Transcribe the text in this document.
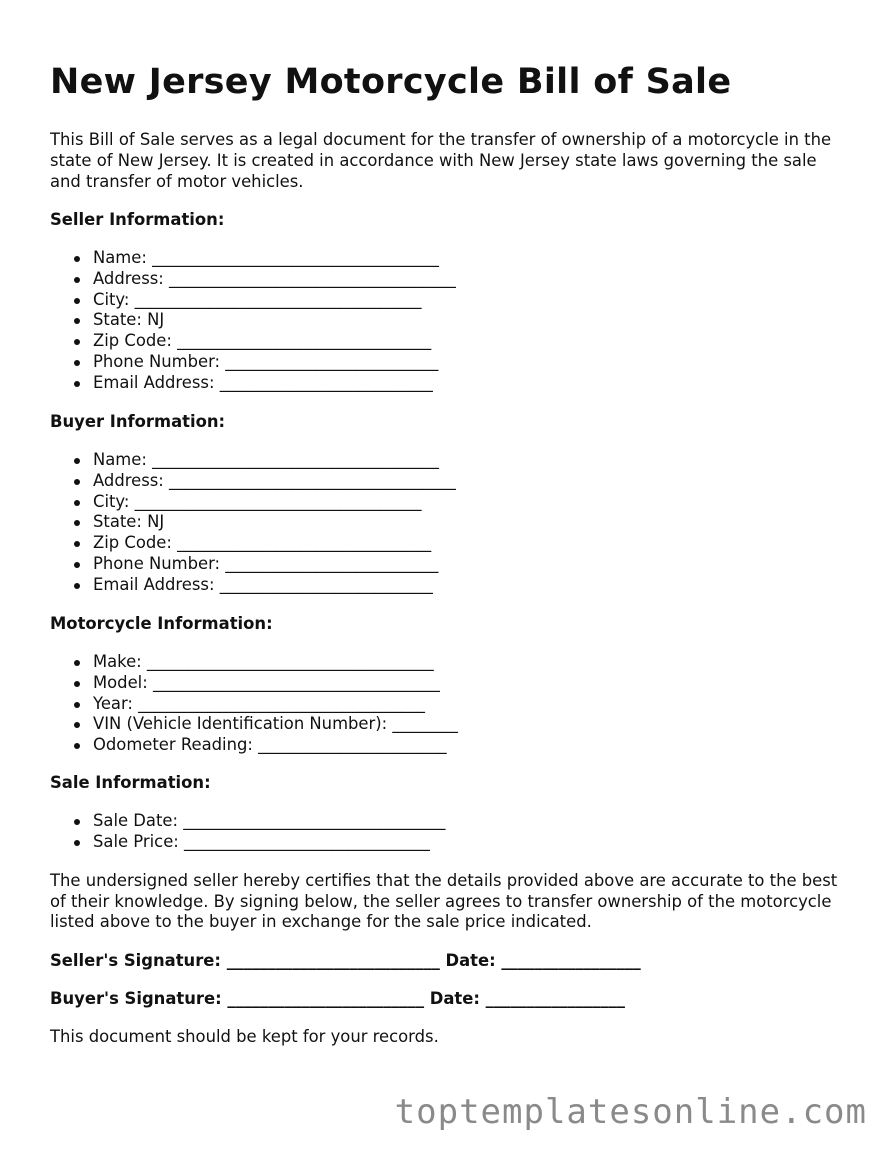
New Jersey Motorcycle Bill of Sale

This Bill of Sale serves as a legal document for the transfer of ownership of a motorcycle in the state of New Jersey. It is created in accordance with New Jersey state laws governing the sale and transfer of motor vehicles.

Seller Information:

Name: ___________________________________
Address: ___________________________________
City: ___________________________________
State: NJ
Zip Code: _______________________________
Phone Number: __________________________
Email Address: __________________________

Buyer Information:

Name: ___________________________________
Address: ___________________________________
City: ___________________________________
State: NJ
Zip Code: _______________________________
Phone Number: __________________________
Email Address: __________________________

Motorcycle Information:

Make: ___________________________________
Model: ___________________________________
Year: ___________________________________
VIN (Vehicle Identification Number): ________
Odometer Reading: _______________________

Sale Information:

Sale Date: ________________________________
Sale Price: ______________________________

The undersigned seller hereby certifies that the details provided above are accurate to the best of their knowledge. By signing below, the seller agrees to transfer ownership of the motorcycle listed above to the buyer in exchange for the sale price indicated.

Seller's Signature: __________________________ Date: _________________

Buyer's Signature: ________________________ Date: _________________

This document should be kept for your records.

toptemplatesonline.com
